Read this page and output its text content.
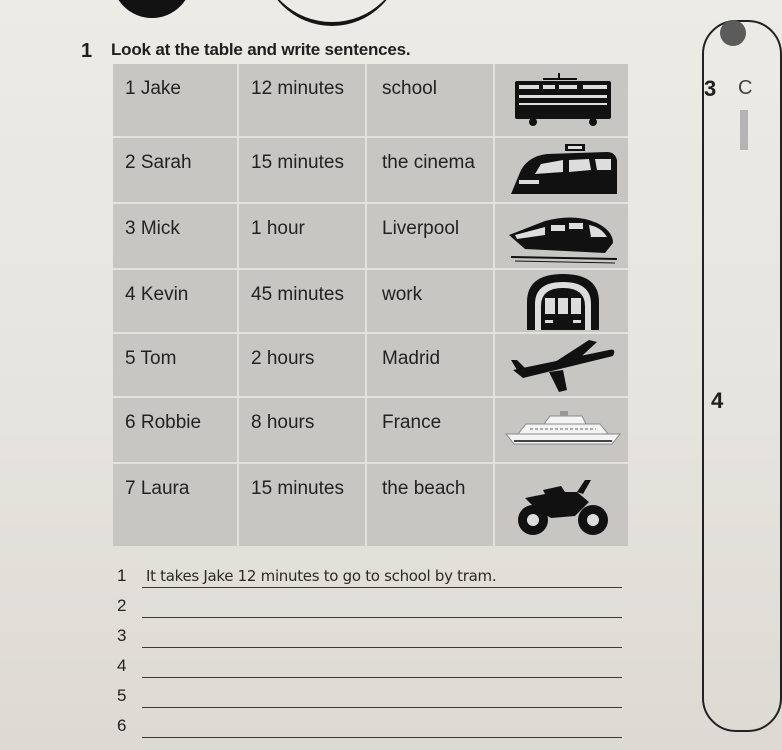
1 Look at the table and write sentences.
1 Jake	12 minutes	school
2 Sarah	15 minutes	the cinema
3 Mick	1 hour	Liverpool
4 Kevin	45 minutes	work
5 Tom	2 hours	Madrid
6 Robbie	8 hours	France
7 Laura	15 minutes	the beach
3 C
4
1 It takes Jake 12 minutes to go to school by tram.
2
3
4
5
6
